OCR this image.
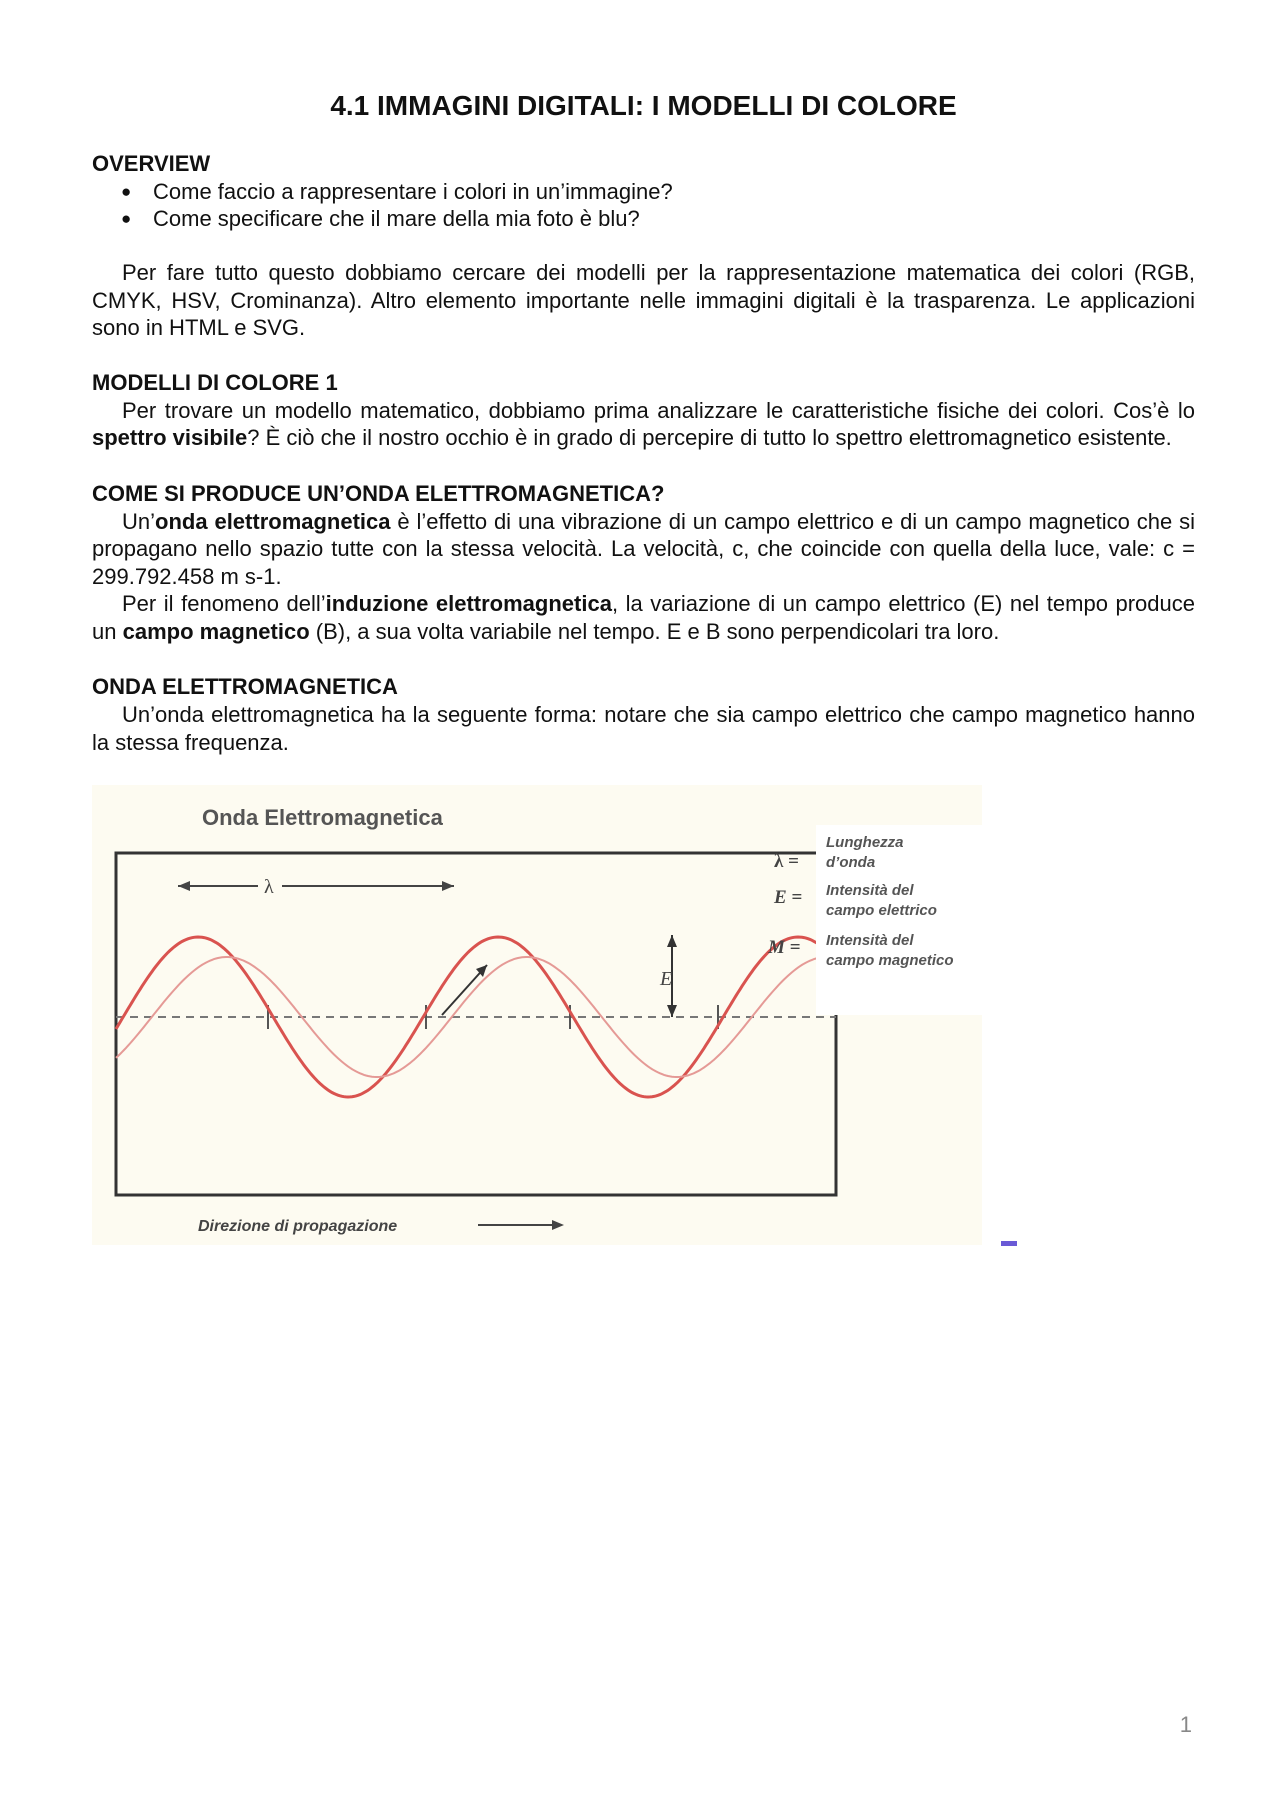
4.1 IMMAGINI DIGITALI: I MODELLI DI COLORE
OVERVIEW
● Come faccio a rappresentare i colori in un’immagine?
● Come specificare che il mare della mia foto è blu?

Per fare tutto questo dobbiamo cercare dei modelli per la rappresentazione matematica dei colori (RGB, CMYK, HSV, Crominanza). Altro elemento importante nelle immagini digitali è la trasparenza. Le applicazioni sono in HTML e SVG.

MODELLI DI COLORE 1

Per trovare un modello matematico, dobbiamo prima analizzare le caratteristiche fisiche dei colori. Cos’è lo spettro visibile? È ciò che il nostro occhio è in grado di percepire di tutto lo spettro elettromagnetico esistente.

COME SI PRODUCE UN’ONDA ELETTROMAGNETICA?

Un’onda elettromagnetica è l’effetto di una vibrazione di un campo elettrico e di un campo magnetico che si propagano nello spazio tutte con la stessa velocità. La velocità, c, che coincide con quella della luce, vale: c = 299.792.458 m s-1.

Per il fenomeno dell’induzione elettromagnetica, la variazione di un campo elettrico (E) nel tempo produce un campo magnetico (B), a sua volta variabile nel tempo. E e B sono perpendicolari tra loro.

ONDA ELETTROMAGNETICA

Un’onda elettromagnetica ha la seguente forma: notare che sia campo elettrico che campo magnetico hanno la stessa frequenza.

Onda Elettromagnetica
λ
E
λ =
Lunghezza
d’onda
E = Intensità del
campo elettrico
M = Intensità del
campo magnetico
Direzione di propagazione
1
